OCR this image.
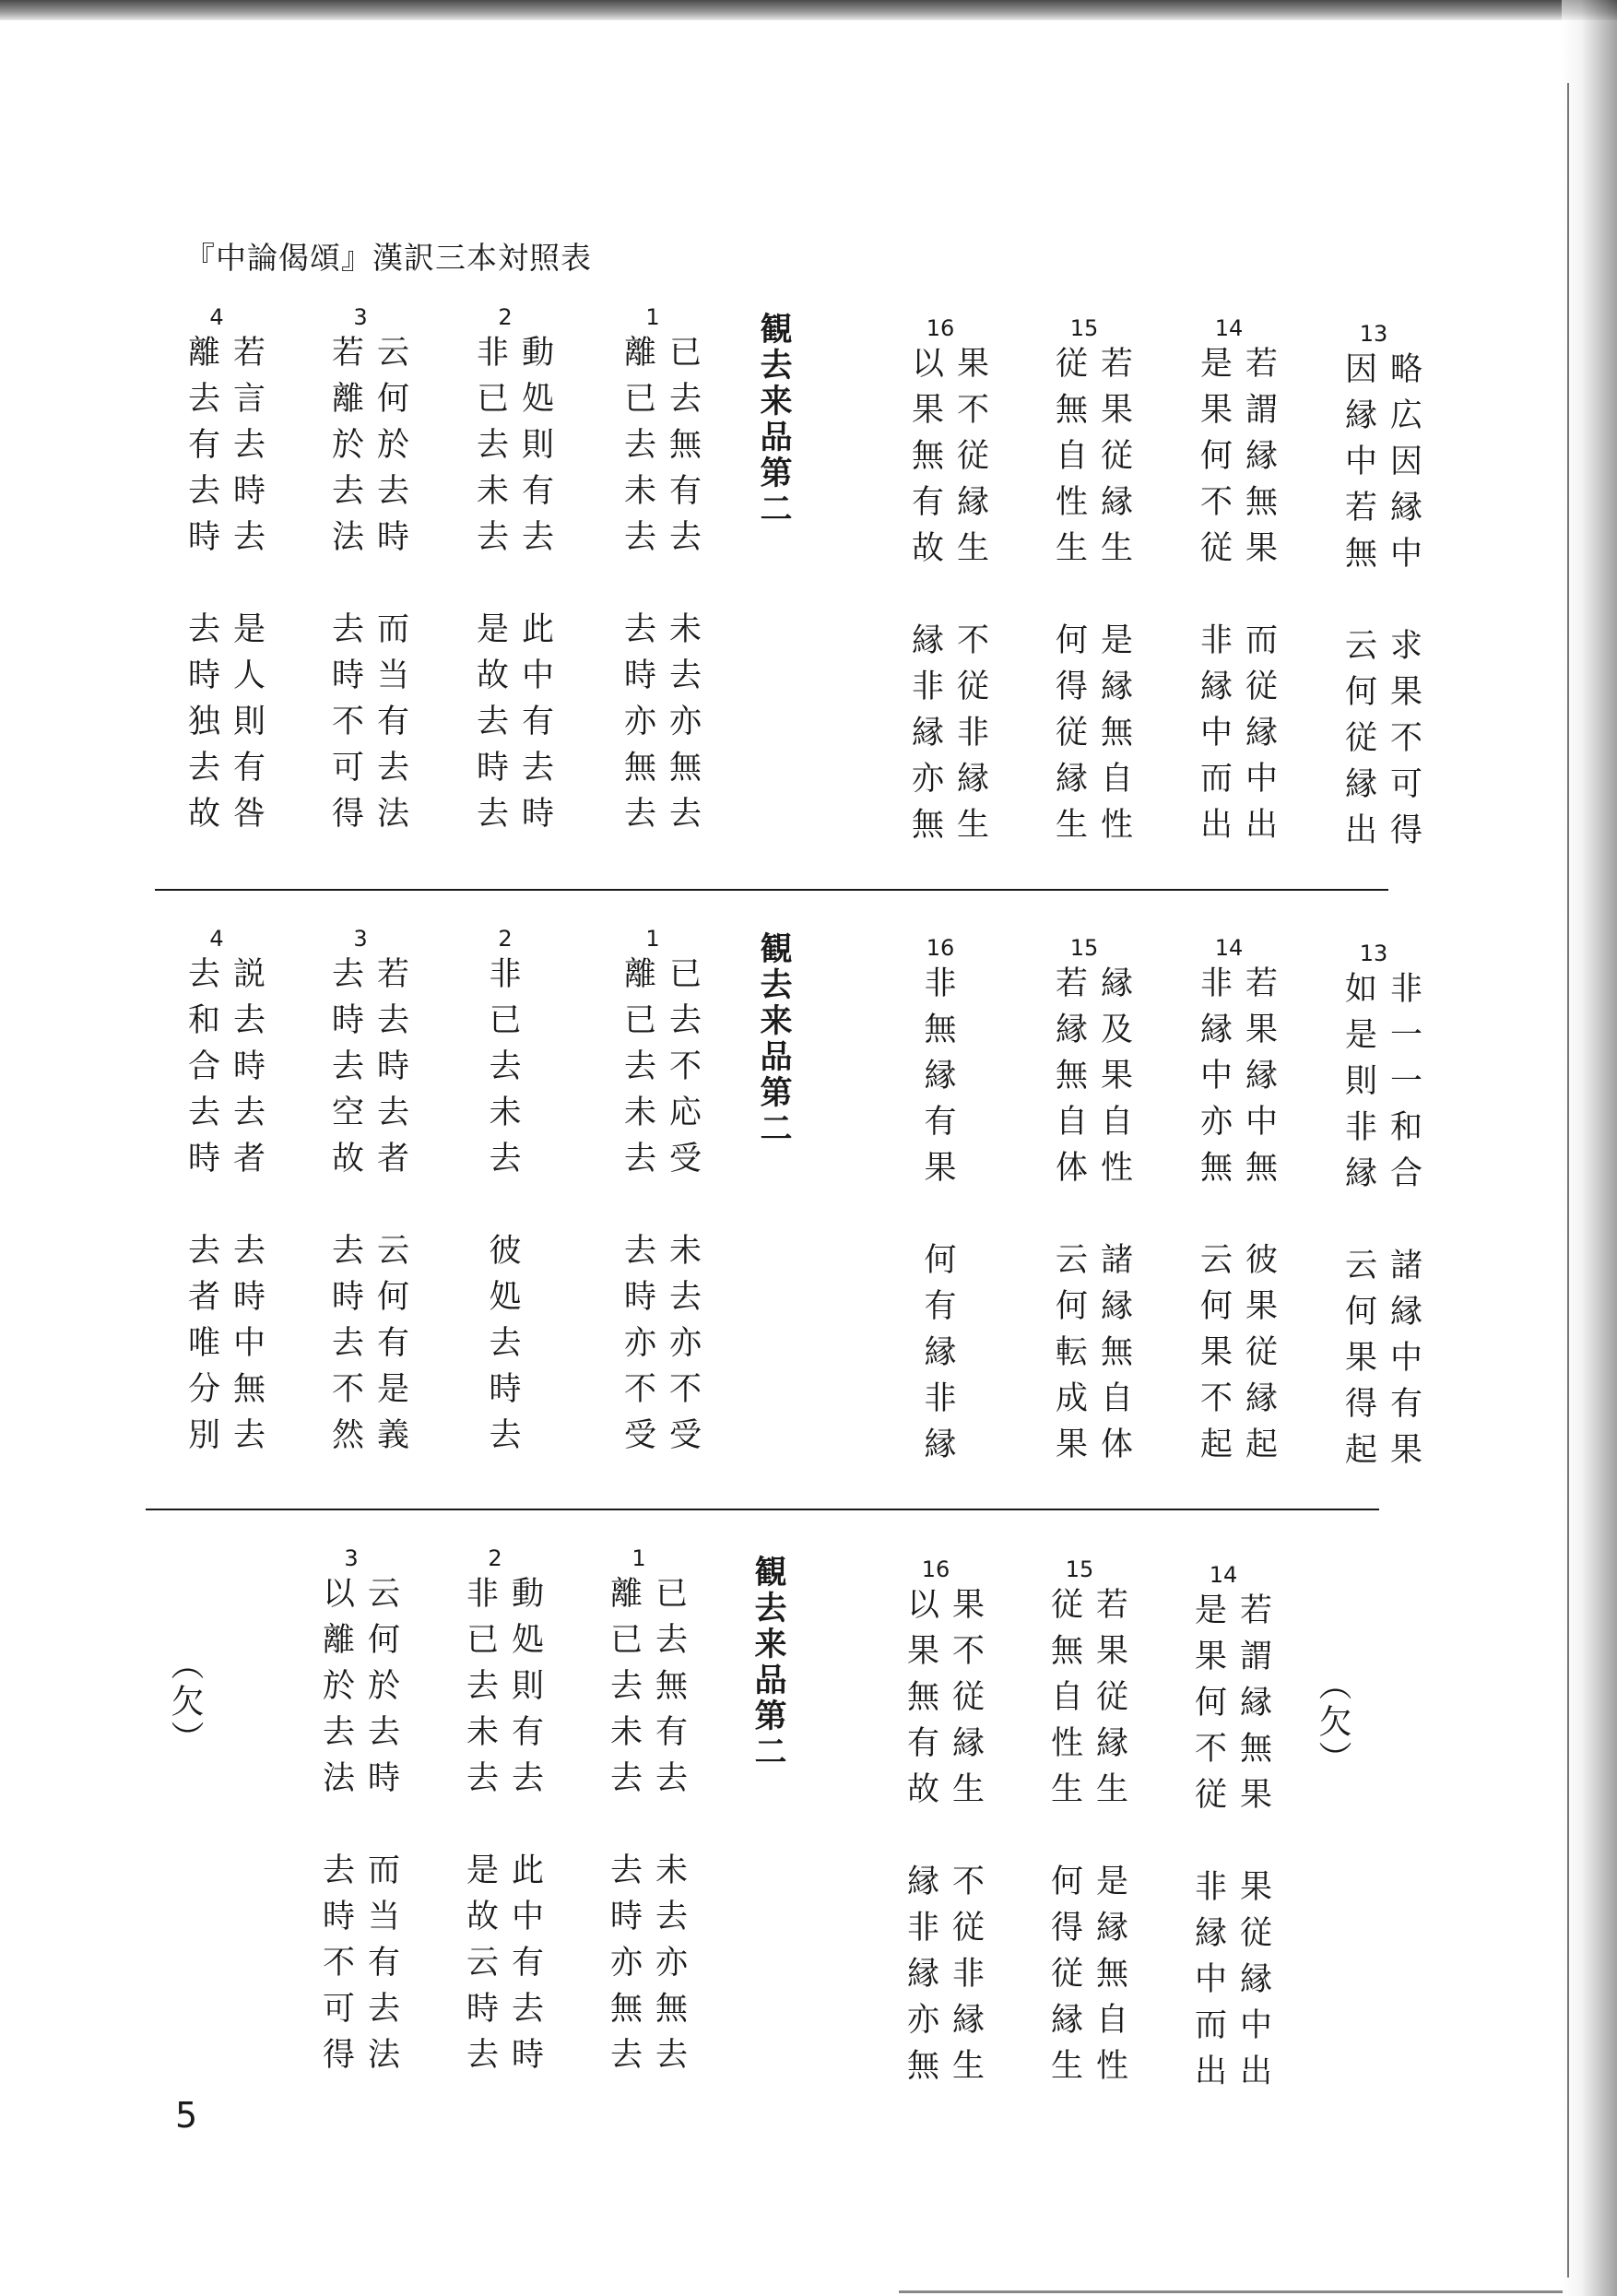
『中論偈頌』漢訳三本対照表
観去来品第二
4
離若
去言
有去
去時
時去
去是
時人
独則
去有
故咎
3
若云
離何
於於
去去
法時
去而
時当
不有
可去
得法
2
非動
已処
去則
未有
去去
是此
故中
去有
時去
去時
1
離已
已去
去無
未有
去去
去未
時去
亦亦
無無
去去
16
以果
果不
無従
有縁
故生
縁不
非従
縁非
亦縁
無生
15
従若
無果
自従
性縁
生生
何是
得縁
従無
縁自
生性
14
是若
果謂
何縁
不無
従果
非而
縁従
中縁
而中
出出
13
因略
縁広
中因
若縁
無中
云求
何果
従不
縁可
出得
観去来品第二
4
去説
和去
合時
去去
時者
去去
者時
唯中
分無
別去
3
去若
時去
去時
空去
故者
去云
時何
去有
不是
然義
2
非
已
去
未
去
彼
処
去
時
去
1
離已
已去
去不
未応
去受
去未
時去
亦亦
不不
受受
16
非
無
縁
有
果
何
有
縁
非
縁
15
若縁
縁及
無果
自自
体性
云諸
何縁
転無
成自
果体
14
非若
縁果
中縁
亦中
無無
云彼
何果
果従
不縁
起起
13
如非
是一
則一
非和
縁合
云諸
何縁
果中
得有
起果
観去来品第二
（欠）	（欠）
3
以云
離何
於於
去去
法時
去而
時当
不有
可去
得法
2
非動
已処
去則
未有
去去
是此
故中
云有
時去
去時
1
離已
已去
去無
未有
去去
去未
時去
亦亦
無無
去去
16
以果
果不
無従
有縁
故生
縁不
非従
縁非
亦縁
無生
15
従若
無果
自従
性縁
生生
何是
得縁
従無
縁自
生性
14
是若
果謂
何縁
不無
従果
非果
縁従
中縁
而中
出出
5
